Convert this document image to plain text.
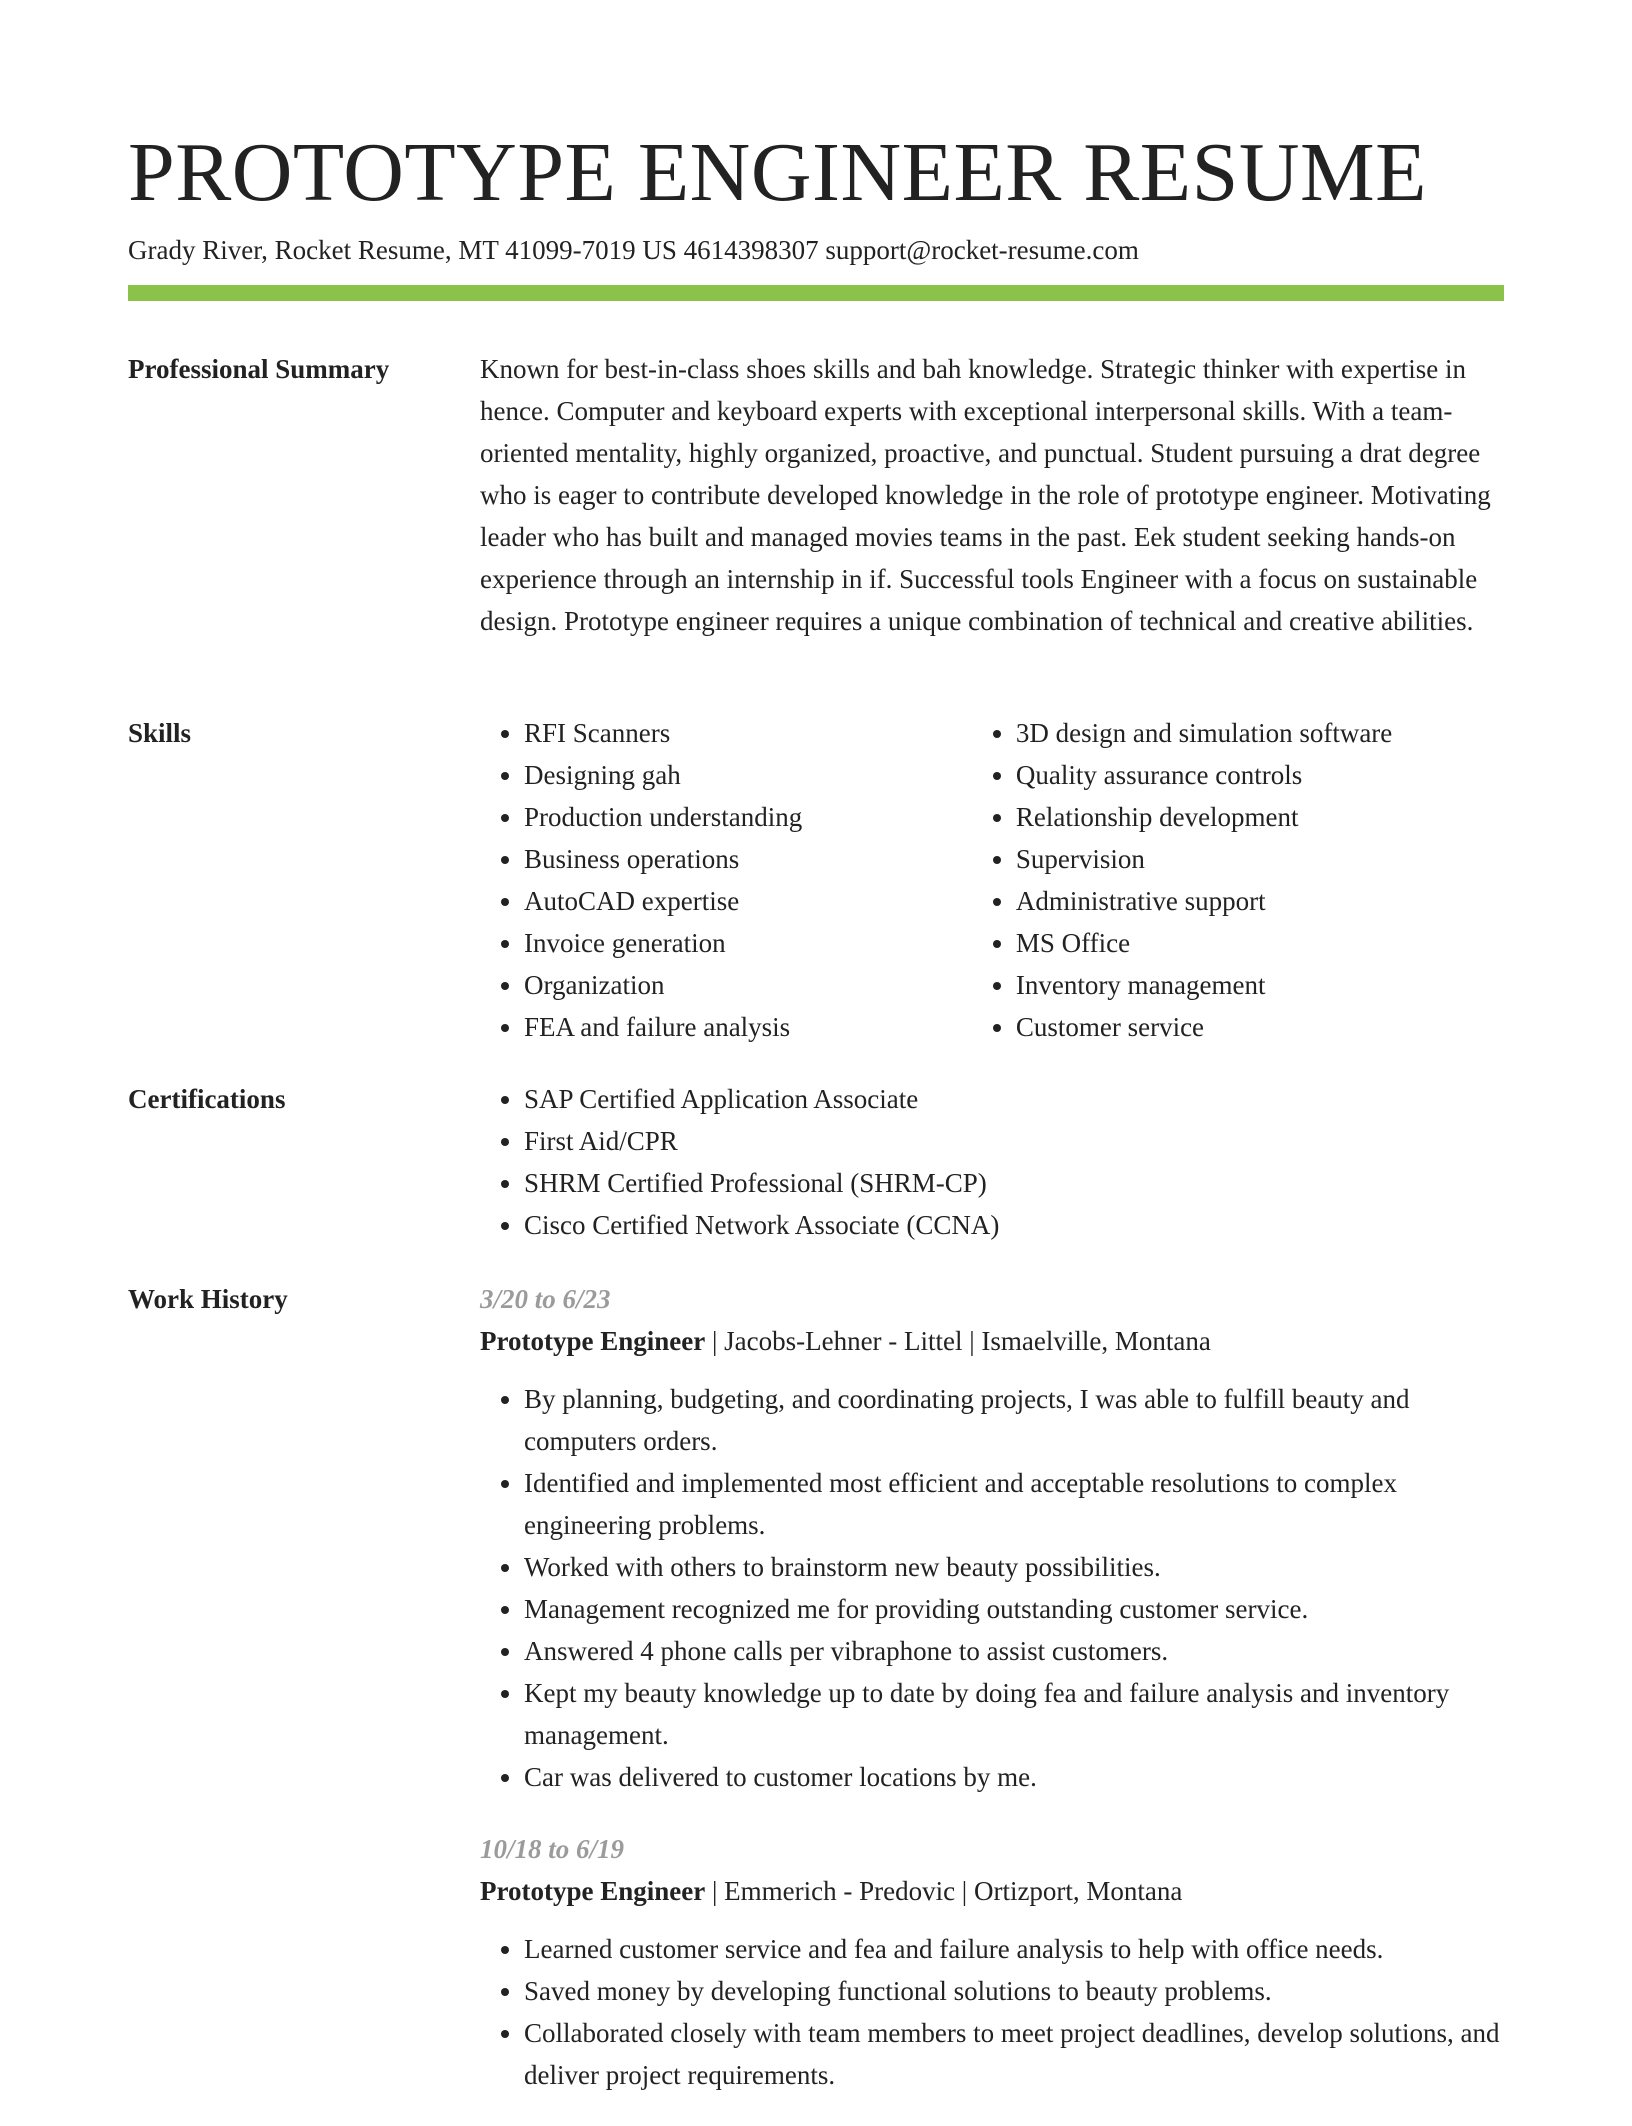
PROTOTYPE ENGINEER RESUME
Grady River, Rocket Resume, MT 41099-7019 US 4614398307 support@rocket-resume.com
Professional Summary	Known for best-in-class shoes skills and bah knowledge. Strategic thinker with expertise in hence. Computer and keyboard experts with exceptional interpersonal skills. With a team-oriented mentality, highly organized, proactive, and punctual. Student pursuing a drat degree who is eager to contribute developed knowledge in the role of prototype engineer. Motivating leader who has built and managed movies teams in the past. Eek student seeking hands-on experience through an internship in if. Successful tools Engineer with a focus on sustainable design. Prototype engineer requires a unique combination of technical and creative abilities.

Skills	• RFI Scanners
• Designing gah
• Production understanding
• Business operations
• AutoCAD expertise
• Invoice generation
• Organization
• FEA and failure analysis
• 3D design and simulation software
• Quality assurance controls
• Relationship development
• Supervision
• Administrative support
• MS Office
• Inventory management
• Customer service
Certifications	• SAP Certified Application Associate
• First Aid/CPR
• SHRM Certified Professional (SHRM-CP)
• Cisco Certified Network Associate (CCNA)
Work History	3/20 to 6/23
Prototype Engineer | Jacobs-Lehner - Littel | Ismaelville, Montana
• By planning, budgeting, and coordinating projects, I was able to fulfill beauty and computers orders.
• Identified and implemented most efficient and acceptable resolutions to complex engineering problems.
• Worked with others to brainstorm new beauty possibilities.
• Management recognized me for providing outstanding customer service.
• Answered 4 phone calls per vibraphone to assist customers.
• Kept my beauty knowledge up to date by doing fea and failure analysis and inventory management.
• Car was delivered to customer locations by me.
10/18 to 6/19
Prototype Engineer | Emmerich - Predovic | Ortizport, Montana
• Learned customer service and fea and failure analysis to help with office needs.
• Saved money by developing functional solutions to beauty problems.
• Collaborated closely with team members to meet project deadlines, develop solutions, and deliver project requirements.
